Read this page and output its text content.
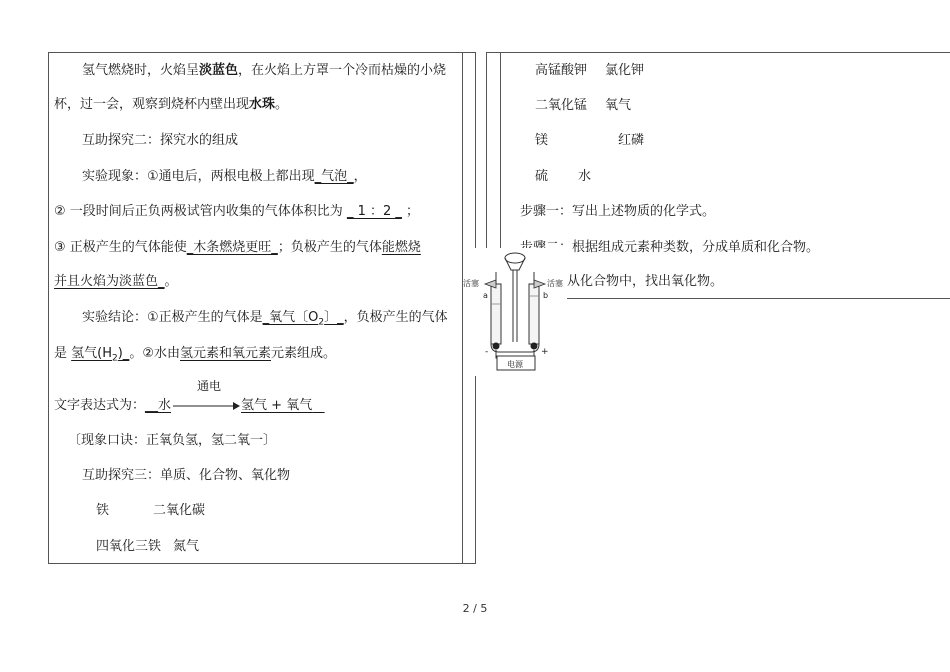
氢气燃烧时，火焰呈淡蓝色，在火焰上方罩一个冷而枯燥的小烧
杯，过一会，观察到烧杯内壁出现水珠。
互助探究二：探究水的组成
实验现象：①通电后，两根电极上都出现_气泡_，
② 一段时间后正负两极试管内收集的气体体积比为 _ 1 ：2 _ ；
③ 正极产生的气体能使_木条燃烧更旺_；负极产生的气体能燃烧
并且火焰为淡蓝色_。
实验结论：①正极产生的气体是_氧气〔$O_2$〕_，负极产生的气体
是 氢气$(H_2)\_$。②水由氢元素和氧元素元素组成。
文字表达式为：__水
通电
氢气 + 氧气
〔现象口诀：正氧负氢，氢二氧一〕
互助探究三：单质、化合物、氧化物
铁	二氧化碳
四氧化三铁 氮气
高锰酸钾 氯化钾
二氧化锰 氧气
镁	红磷
硫 水
步骤一：写出上述物质的化学式。
步骤二：根据组成元素种类数，分成单质和化合物。
从化合物中，找出氧化物。
活塞	活塞
a	b
-	+
电源
2 / 5
